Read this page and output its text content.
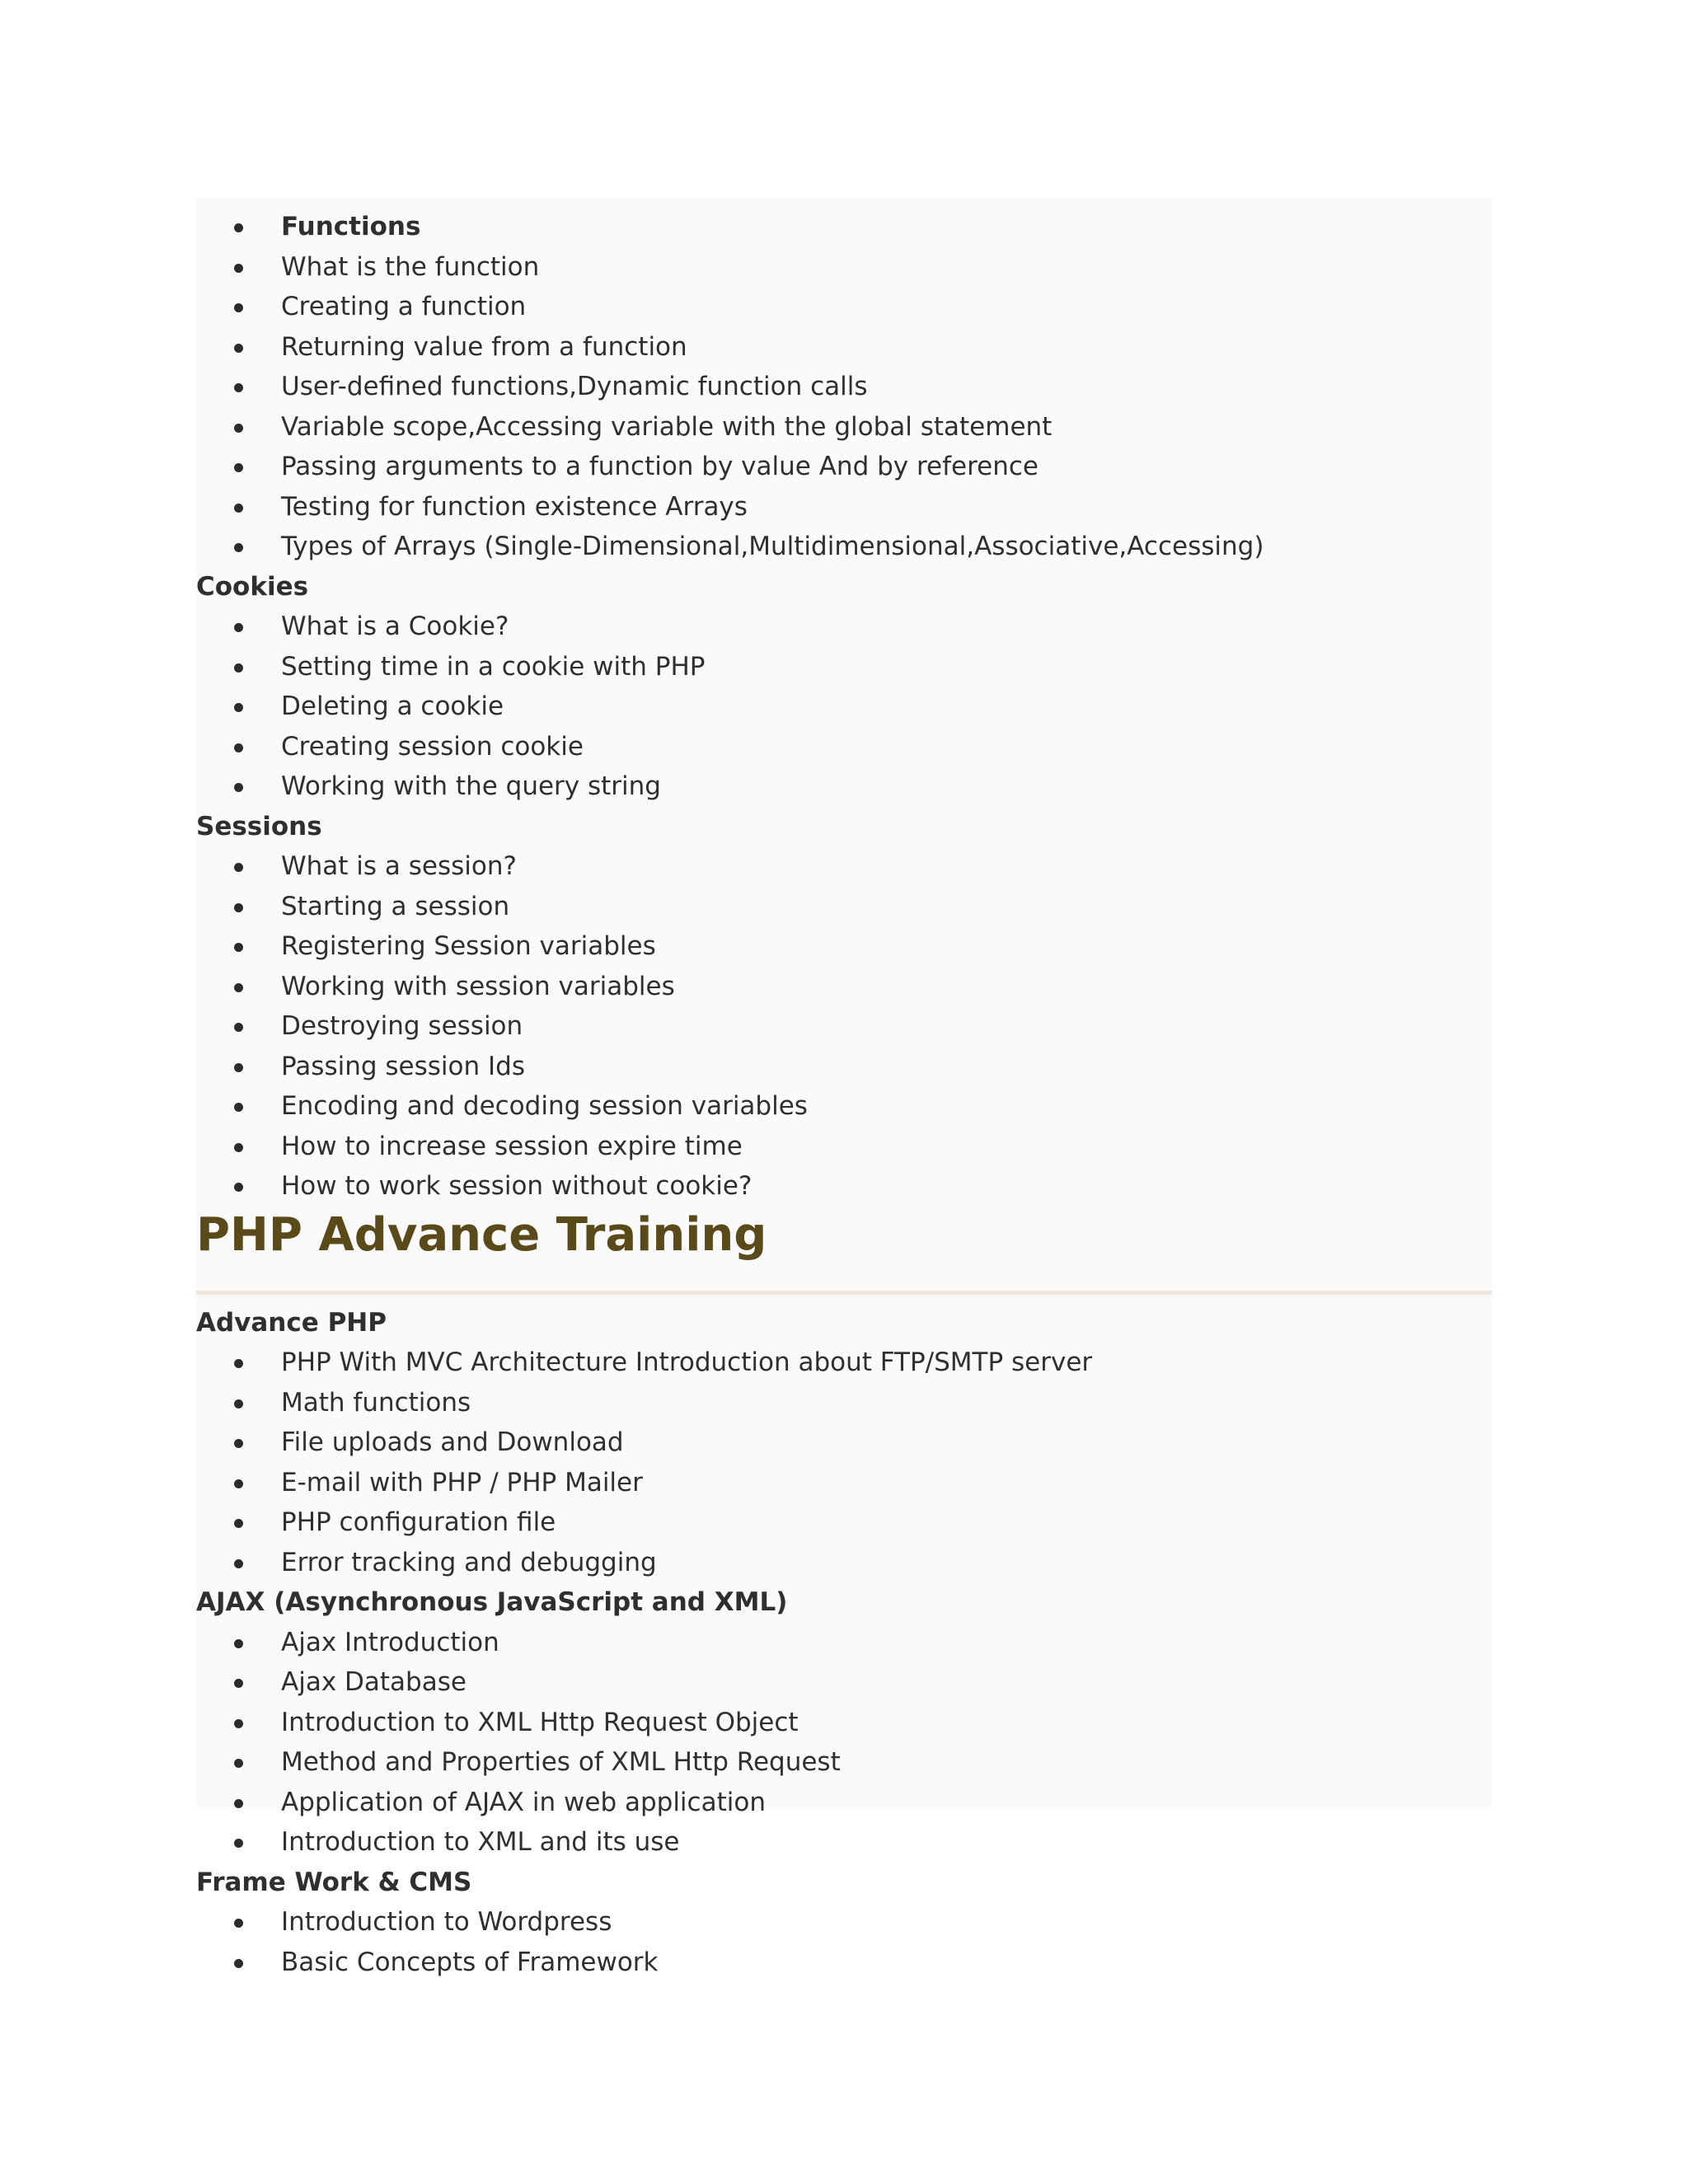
Functions
What is the function
Creating a function
Returning value from a function
User-defined functions,Dynamic function calls
Variable scope,Accessing variable with the global statement
Passing arguments to a function by value And by reference
Testing for function existence Arrays
Types of Arrays (Single-Dimensional,Multidimensional,Associative,Accessing)
Cookies
What is a Cookie?
Setting time in a cookie with PHP
Deleting a cookie
Creating session cookie
Working with the query string
Sessions
What is a session?
Starting a session
Registering Session variables
Working with session variables
Destroying session
Passing session Ids
Encoding and decoding session variables
How to increase session expire time
How to work session without cookie?
PHP Advance Training
Advance PHP
PHP With MVC Architecture Introduction about FTP/SMTP server
Math functions
File uploads and Download
E-mail with PHP / PHP Mailer
PHP configuration file
Error tracking and debugging
AJAX (Asynchronous JavaScript and XML)
Ajax Introduction
Ajax Database
Introduction to XML Http Request Object
Method and Properties of XML Http Request
Application of AJAX in web application
Introduction to XML and its use
Frame Work & CMS
Introduction to Wordpress
Basic Concepts of Framework
